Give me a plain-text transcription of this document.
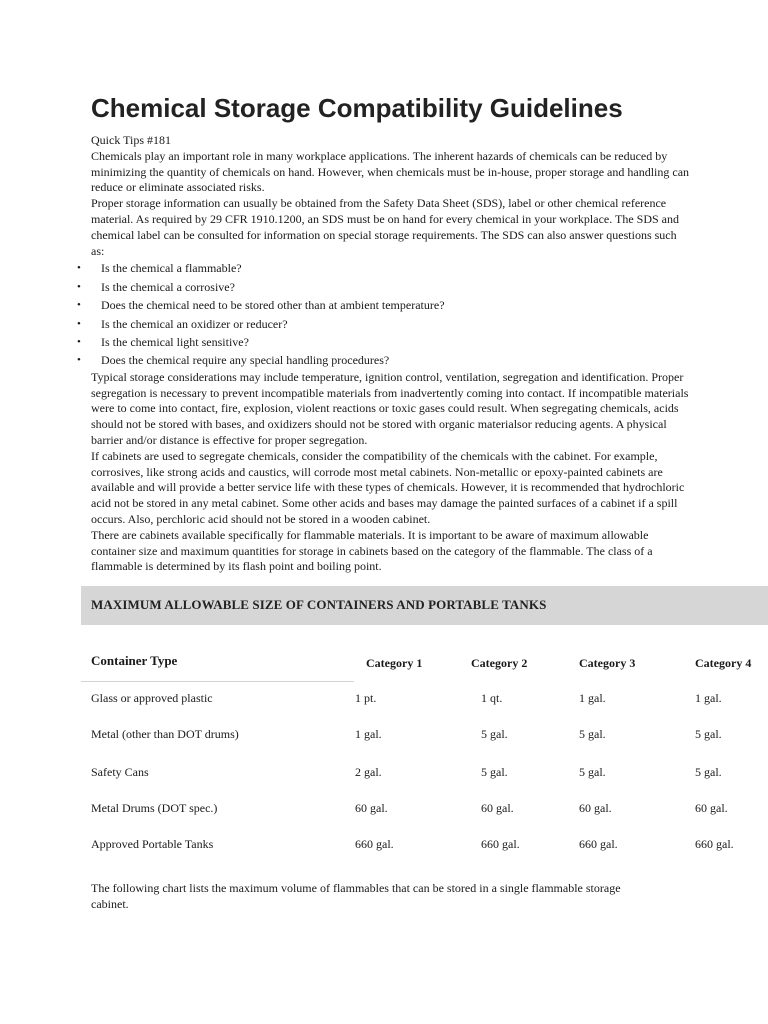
Chemical Storage Compatibility Guidelines

Quick Tips #181

Chemicals play an important role in many workplace applications. The inherent hazards of chemicals can be reduced by minimizing the quantity of chemicals on hand. However, when chemicals must be in-house, proper storage and handling can reduce or eliminate associated risks.

Proper storage information can usually be obtained from the Safety Data Sheet (SDS), label or other chemical reference material. As required by 29 CFR 1910.1200, an SDS must be on hand for every chemical in your workplace. The SDS and chemical label can be consulted for information on special storage requirements. The SDS can also answer questions such as:

• Is the chemical a flammable?
• Is the chemical a corrosive?
• Does the chemical need to be stored other than at ambient temperature?
• Is the chemical an oxidizer or reducer?
• Is the chemical light sensitive?
• Does the chemical require any special handling procedures?

Typical storage considerations may include temperature, ignition control, ventilation, segregation and identification. Proper segregation is necessary to prevent incompatible materials from inadvertently coming into contact. If incompatible materials were to come into contact, fire, explosion, violent reactions or toxic gases could result. When segregating chemicals, acids should not be stored with bases, and oxidizers should not be stored with organic materialsor reducing agents. A physical barrier and/or distance is effective for proper segregation.

If cabinets are used to segregate chemicals, consider the compatibility of the chemicals with the cabinet. For example, corrosives, like strong acids and caustics, will corrode most metal cabinets. Non-metallic or epoxy-painted cabinets are available and will provide a better service life with these types of chemicals. However, it is recommended that hydrochloric acid not be stored in any metal cabinet. Some other acids and bases may damage the painted surfaces of a cabinet if a spill occurs. Also, perchloric acid should not be stored in a wooden cabinet.

There are cabinets available specifically for flammable materials. It is important to be aware of maximum allowable container size and maximum quantities for storage in cabinets based on the category of the flammable. The class of a flammable is determined by its flash point and boiling point.

MAXIMUM ALLOWABLE SIZE OF CONTAINERS AND PORTABLE TANKS
Container Type	Category 1	Category 2	Category 3	Category 4
Glass or approved plastic	1 pt.	1 qt.	1 gal.	1 gal.
Metal (other than DOT drums)	1 gal.	5 gal.	5 gal.	5 gal.
Safety Cans	2 gal.	5 gal.	5 gal.	5 gal.
Metal Drums (DOT spec.)	60 gal.	60 gal.	60 gal.	60 gal.
Approved Portable Tanks	660 gal.	660 gal.	660 gal.	660 gal.

The following chart lists the maximum volume of flammables that can be stored in a single flammable storage cabinet.
